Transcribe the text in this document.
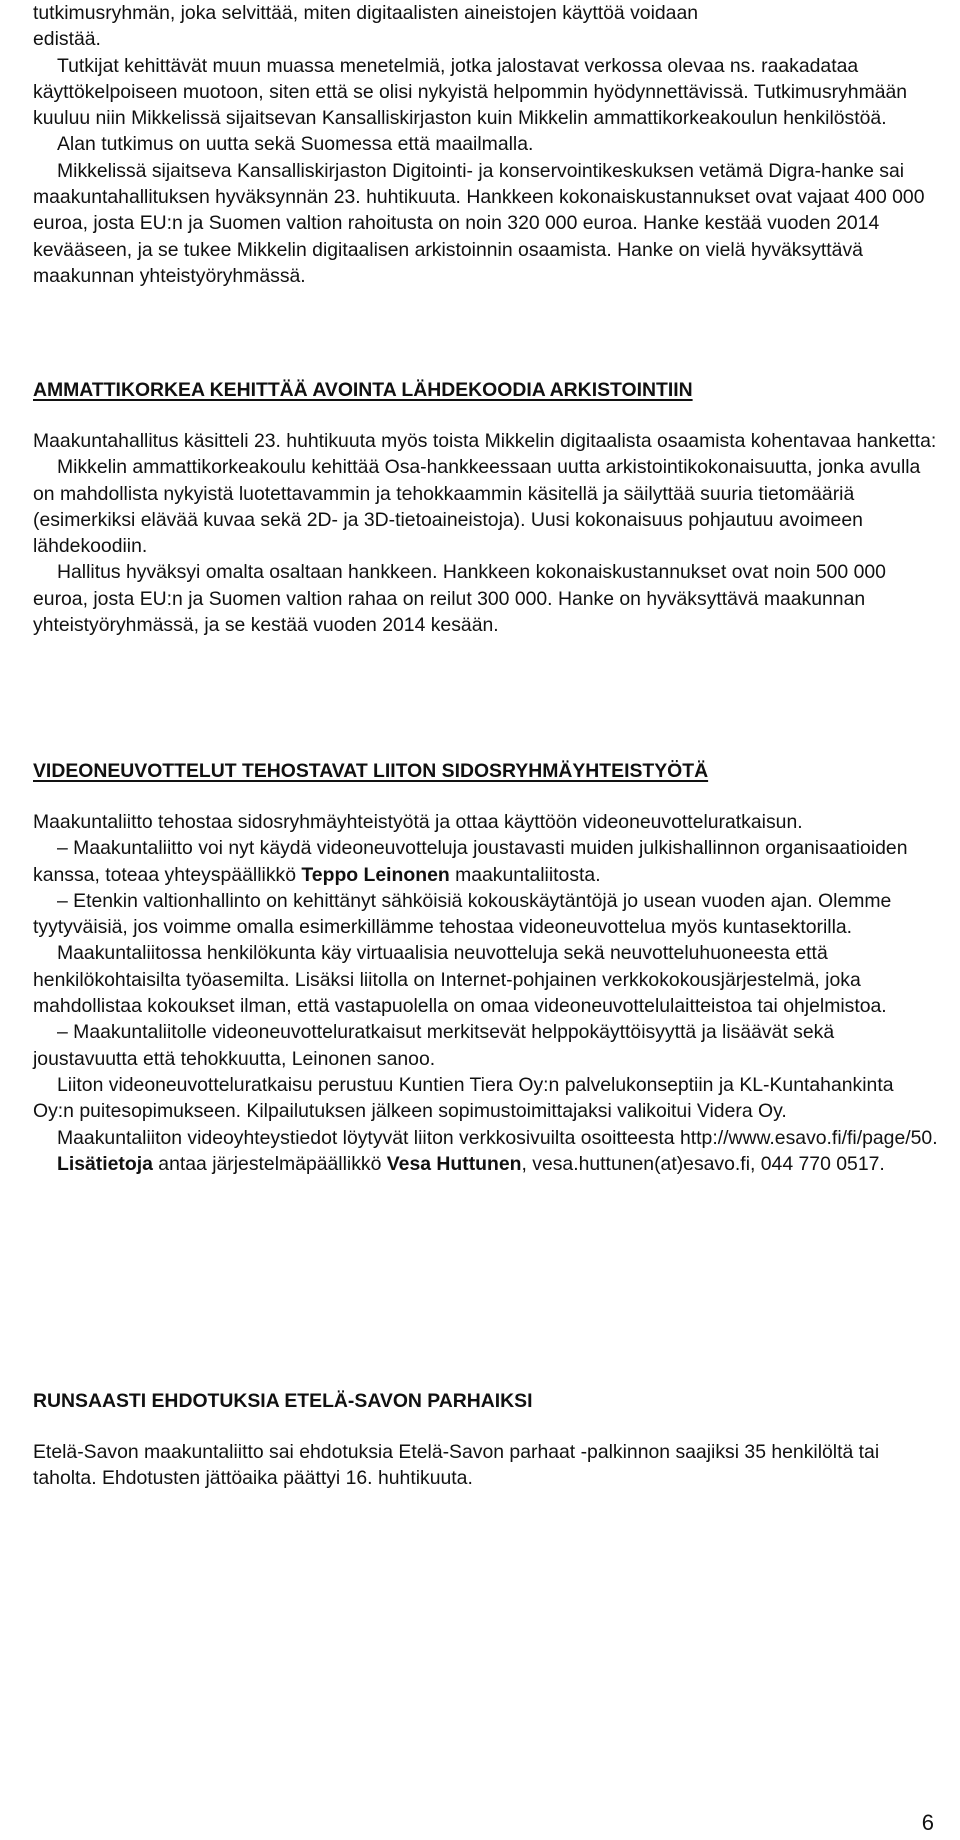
tutkimusryhmän, joka selvittää, miten digitaalisten aineistojen käyttöä voidaan
edistää.

Tutkijat kehittävät muun muassa menetelmiä, jotka jalostavat verkossa olevaa ns. raakadataa käyttökelpoiseen muotoon, siten että se olisi nykyistä helpommin hyödynnettävissä. Tutkimusryhmään kuuluu niin Mikkelissä sijaitsevan Kansalliskirjaston kuin Mikkelin ammattikorkeakoulun henkilöstöä.

Alan tutkimus on uutta sekä Suomessa että maailmalla.

Mikkelissä sijaitseva Kansalliskirjaston Digitointi- ja konservointikeskuksen vetämä Digra-hanke sai maakuntahallituksen hyväksynnän 23. huhtikuuta. Hankkeen kokonaiskustannukset ovat vajaat 400 000 euroa, josta EU:n ja Suomen valtion rahoitusta on noin 320 000 euroa. Hanke kestää vuoden 2014 kevääseen, ja se tukee Mikkelin digitaalisen arkistoinnin osaamista. Hanke on vielä hyväksyttävä maakunnan yhteistyöryhmässä.

AMMATTIKORKEA KEHITTÄÄ AVOINTA LÄHDEKOODIA ARKISTOINTIIN

Maakuntahallitus käsitteli 23. huhtikuuta myös toista Mikkelin digitaalista osaamista kohentavaa hanketta:

Mikkelin ammattikorkeakoulu kehittää Osa-hankkeessaan uutta arkistointikokonaisuutta, jonka avulla on mahdollista nykyistä luotettavammin ja tehokkaammin käsitellä ja säilyttää suuria tietomääriä (esimerkiksi elävää kuvaa sekä 2D- ja 3D-tietoaineistoja). Uusi kokonaisuus pohjautuu avoimeen lähdekoodiin.

Hallitus hyväksyi omalta osaltaan hankkeen. Hankkeen kokonaiskustannukset ovat noin 500 000 euroa, josta EU:n ja Suomen valtion rahaa on reilut 300 000. Hanke on hyväksyttävä maakunnan yhteistyöryhmässä, ja se kestää vuoden 2014 kesään.

VIDEONEUVOTTELUT TEHOSTAVAT LIITON SIDOSRYHMÄYHTEISTYÖTÄ

Maakuntaliitto tehostaa sidosryhmäyhteistyötä ja ottaa käyttöön videoneuvotteluratkaisun.

– Maakuntaliitto voi nyt käydä videoneuvotteluja joustavasti muiden julkishallinnon organisaatioiden kanssa, toteaa yhteyspäällikkö Teppo Leinonen maakuntaliitosta.

– Etenkin valtionhallinto on kehittänyt sähköisiä kokouskäytäntöjä jo usean vuoden ajan. Olemme tyytyväisiä, jos voimme omalla esimerkillämme tehostaa videoneuvottelua myös kuntasektorilla.

Maakuntaliitossa henkilökunta käy virtuaalisia neuvotteluja sekä neuvotteluhuoneesta että henkilökohtaisilta työasemilta. Lisäksi liitolla on Internet-pohjainen verkkokokousjärjestelmä, joka mahdollistaa kokoukset ilman, että vastapuolella on omaa videoneuvottelulaitteistoa tai ohjelmistoa.

– Maakuntaliitolle videoneuvotteluratkaisut merkitsevät helppokäyttöisyyttä ja lisäävät sekä joustavuutta että tehokkuutta, Leinonen sanoo.

Liiton videoneuvotteluratkaisu perustuu Kuntien Tiera Oy:n palvelukonseptiin ja KL-Kuntahankinta Oy:n puitesopimukseen. Kilpailutuksen jälkeen sopimustoimittajaksi valikoitui Videra Oy.

Maakuntaliiton videoyhteystiedot löytyvät liiton verkkosivuilta osoitteesta http://www.esavo.fi/fi/page/50.

Lisätietoja antaa järjestelmäpäällikkö Vesa Huttunen, vesa.huttunen(at)esavo.fi, 044 770 0517.

RUNSAASTI EHDOTUKSIA ETELÄ-SAVON PARHAIKSI

Etelä-Savon maakuntaliitto sai ehdotuksia Etelä-Savon parhaat -palkinnon saajiksi 35 henkilöltä tai taholta. Ehdotusten jättöaika päättyi 16. huhtikuuta.

6
